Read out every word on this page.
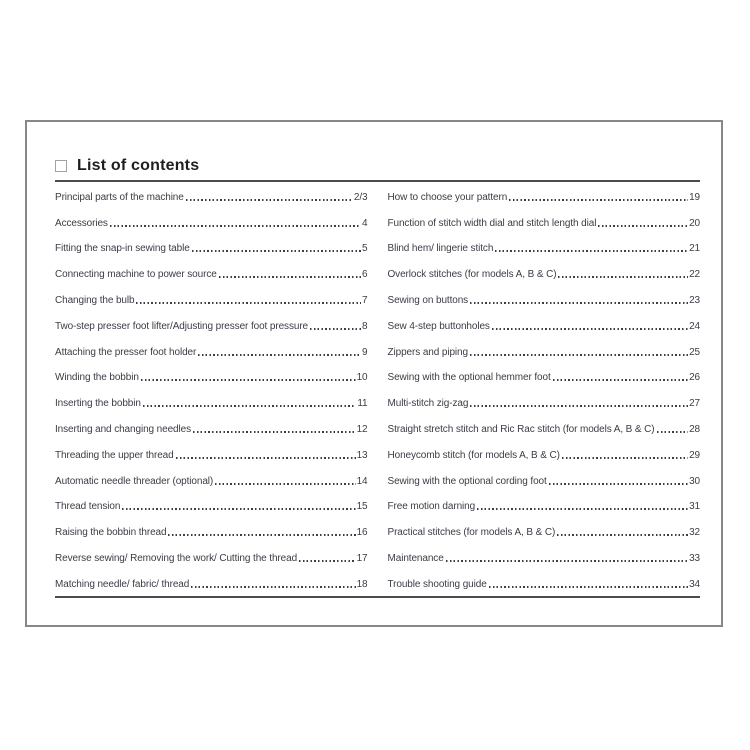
List of contents
Principal parts of the machine	2/3
Accessories	4
Fitting the snap-in sewing table	5
Connecting machine to power source	6
Changing the bulb	7
Two-step presser foot lifter/Adjusting presser foot pressure	8
Attaching the presser foot holder	9
Winding the bobbin	10
Inserting the bobbin	11
Inserting and changing needles	12
Threading the upper thread	13
Automatic needle threader (optional)	14
Thread tension	15
Raising the bobbin thread	16
Reverse sewing/ Removing the work/ Cutting the thread	17
Matching needle/ fabric/ thread	18
How to choose your pattern	19
Function of stitch width dial and stitch length dial	20
Blind hem/ lingerie stitch	21
Overlock stitches (for models A, B & C)	22
Sewing on buttons	23
Sew 4-step buttonholes	24
Zippers and piping	25
Sewing with the optional hemmer foot	26
Multi-stitch zig-zag	27
Straight stretch stitch and Ric Rac stitch (for models A, B & C)	28
Honeycomb stitch (for models A, B & C)	29
Sewing with the optional cording foot	30
Free motion darning	31
Practical stitches (for models A, B & C)	32
Maintenance	33
Trouble shooting guide	34
